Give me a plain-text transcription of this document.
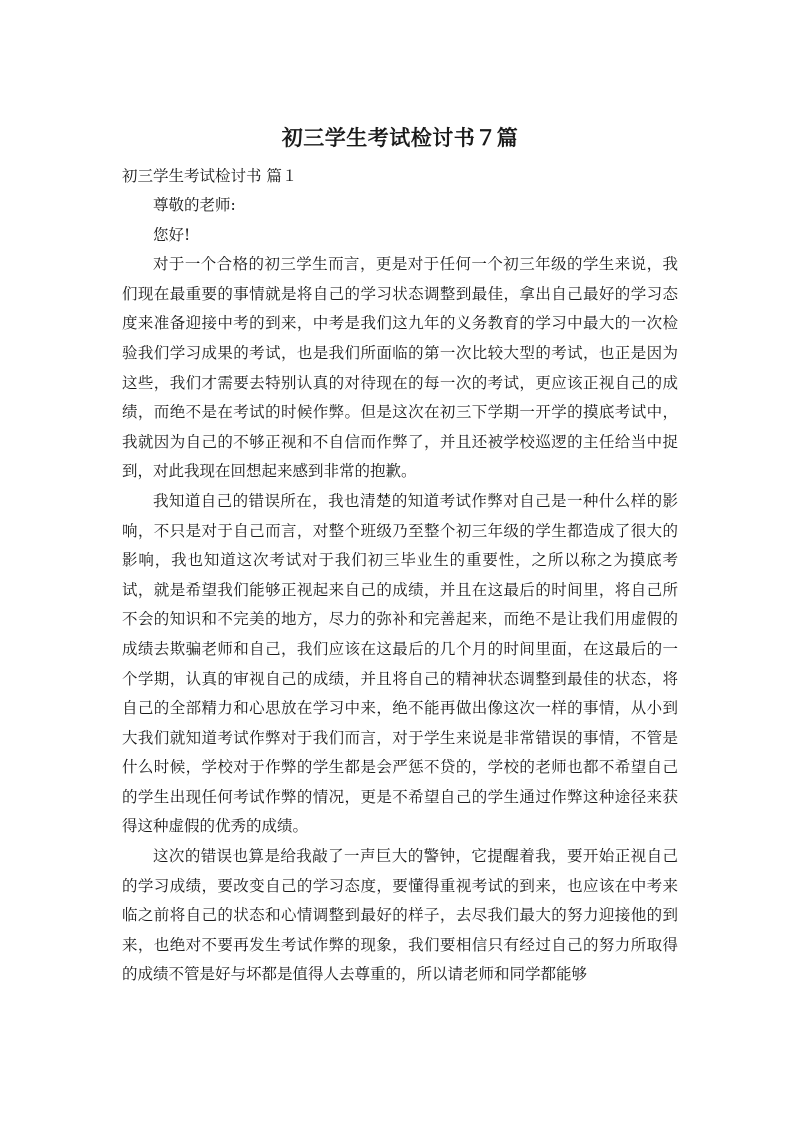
初三学生考试检讨书７篇

初三学生考试检讨书 篇１

尊敬的老师:

您好!

对于一个合格的初三学生而言，更是对于任何一个初三年级的学生来说，我们现在最重要的事情就是将自己的学习状态调整到最佳，拿出自己最好的学习态度来准备迎接中考的到来，中考是我们这九年的义务教育的学习中最大的一次检验我们学习成果的考试，也是我们所面临的第一次比较大型的考试，也正是因为这些，我们才需要去特别认真的对待现在的每一次的考试，更应该正视自己的成绩，而绝不是在考试的时候作弊。但是这次在初三下学期一开学的摸底考试中，我就因为自己的不够正视和不自信而作弊了，并且还被学校巡逻的主任给当中捉到，对此我现在回想起来感到非常的抱歉。

我知道自己的错误所在，我也清楚的知道考试作弊对自己是一种什么样的影响，不只是对于自己而言，对整个班级乃至整个初三年级的学生都造成了很大的影响，我也知道这次考试对于我们初三毕业生的重要性，之所以称之为摸底考试，就是希望我们能够正视起来自己的成绩，并且在这最后的时间里，将自己所不会的知识和不完美的地方，尽力的弥补和完善起来，而绝不是让我们用虚假的成绩去欺骗老师和自己，我们应该在这最后的几个月的时间里面，在这最后的一个学期，认真的审视自己的成绩，并且将自己的精神状态调整到最佳的状态，将自己的全部精力和心思放在学习中来，绝不能再做出像这次一样的事情，从小到大我们就知道考试作弊对于我们而言，对于学生来说是非常错误的事情，不管是什么时候，学校对于作弊的学生都是会严惩不贷的，学校的老师也都不希望自己的学生出现任何考试作弊的情况，更是不希望自己的学生通过作弊这种途径来获得这种虚假的优秀的成绩。

这次的错误也算是给我敲了一声巨大的警钟，它提醒着我，要开始正视自己的学习成绩，要改变自己的学习态度，要懂得重视考试的到来，也应该在中考来临之前将自己的状态和心情调整到最好的样子，去尽我们最大的努力迎接他的到来，也绝对不要再发生考试作弊的现象，我们要相信只有经过自己的努力所取得的成绩不管是好与坏都是值得人去尊重的，所以请老师和同学都能够
